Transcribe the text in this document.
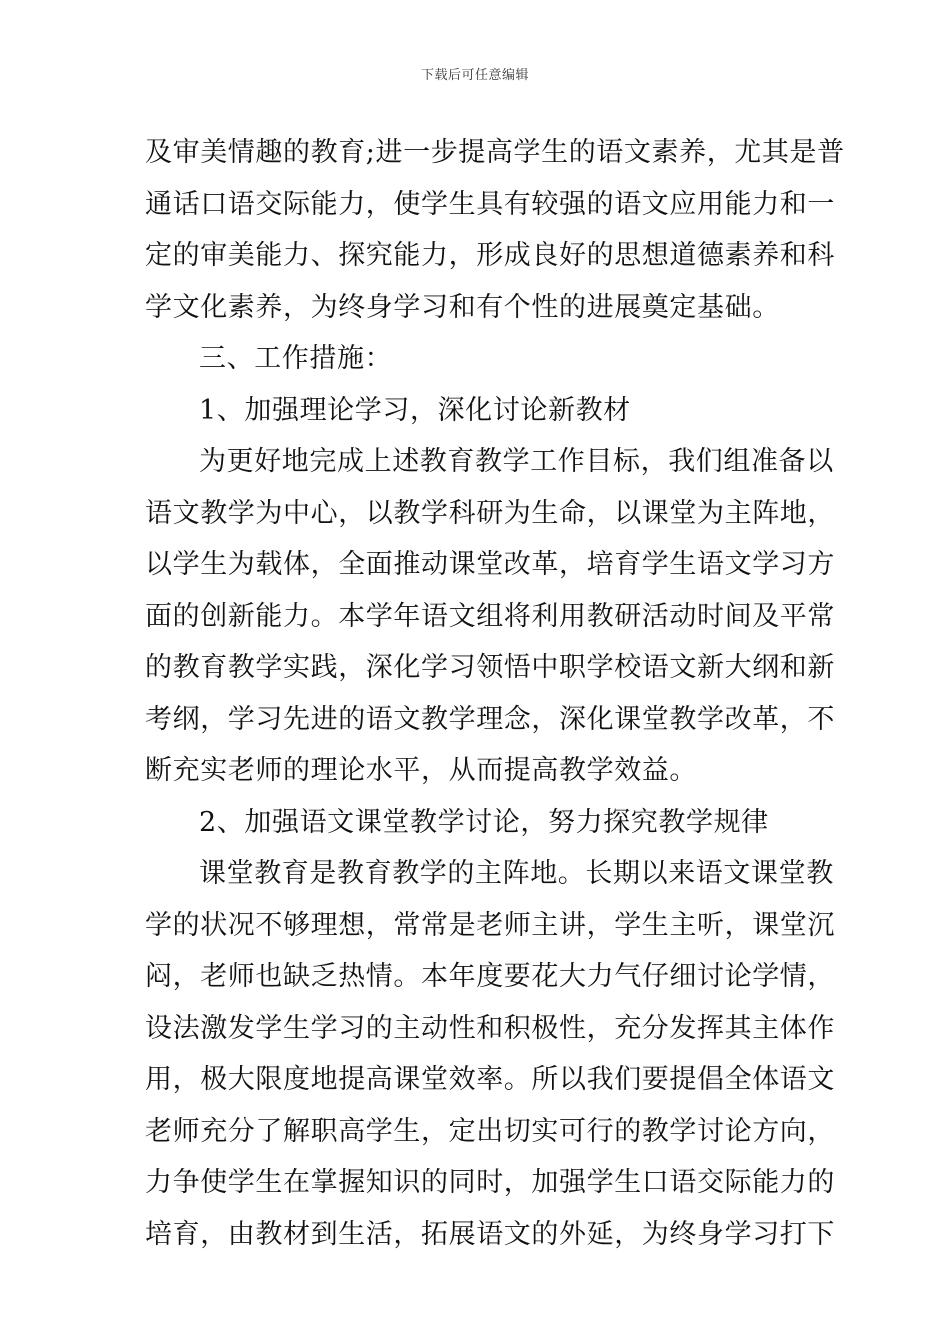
下载后可任意编辑
及审美情趣的教育;进一步提高学生的语文素养，尤其是普
通话口语交际能力，使学生具有较强的语文应用能力和一
定的审美能力、探究能力，形成良好的思想道德素养和科
学文化素养，为终身学习和有个性的进展奠定基础。
三、工作措施：
1、加强理论学习，深化讨论新教材
为更好地完成上述教育教学工作目标，我们组准备以
语文教学为中心，以教学科研为生命，以课堂为主阵地，
以学生为载体，全面推动课堂改革，培育学生语文学习方
面的创新能力。本学年语文组将利用教研活动时间及平常
的教育教学实践，深化学习领悟中职学校语文新大纲和新
考纲，学习先进的语文教学理念，深化课堂教学改革，不
断充实老师的理论水平，从而提高教学效益。
2、加强语文课堂教学讨论，努力探究教学规律
课堂教育是教育教学的主阵地。长期以来语文课堂教
学的状况不够理想，常常是老师主讲，学生主听，课堂沉
闷，老师也缺乏热情。本年度要花大力气仔细讨论学情，
设法激发学生学习的主动性和积极性，充分发挥其主体作
用，极大限度地提高课堂效率。所以我们要提倡全体语文
老师充分了解职高学生，定出切实可行的教学讨论方向，
力争使学生在掌握知识的同时，加强学生口语交际能力的
培育，由教材到生活，拓展语文的外延，为终身学习打下
